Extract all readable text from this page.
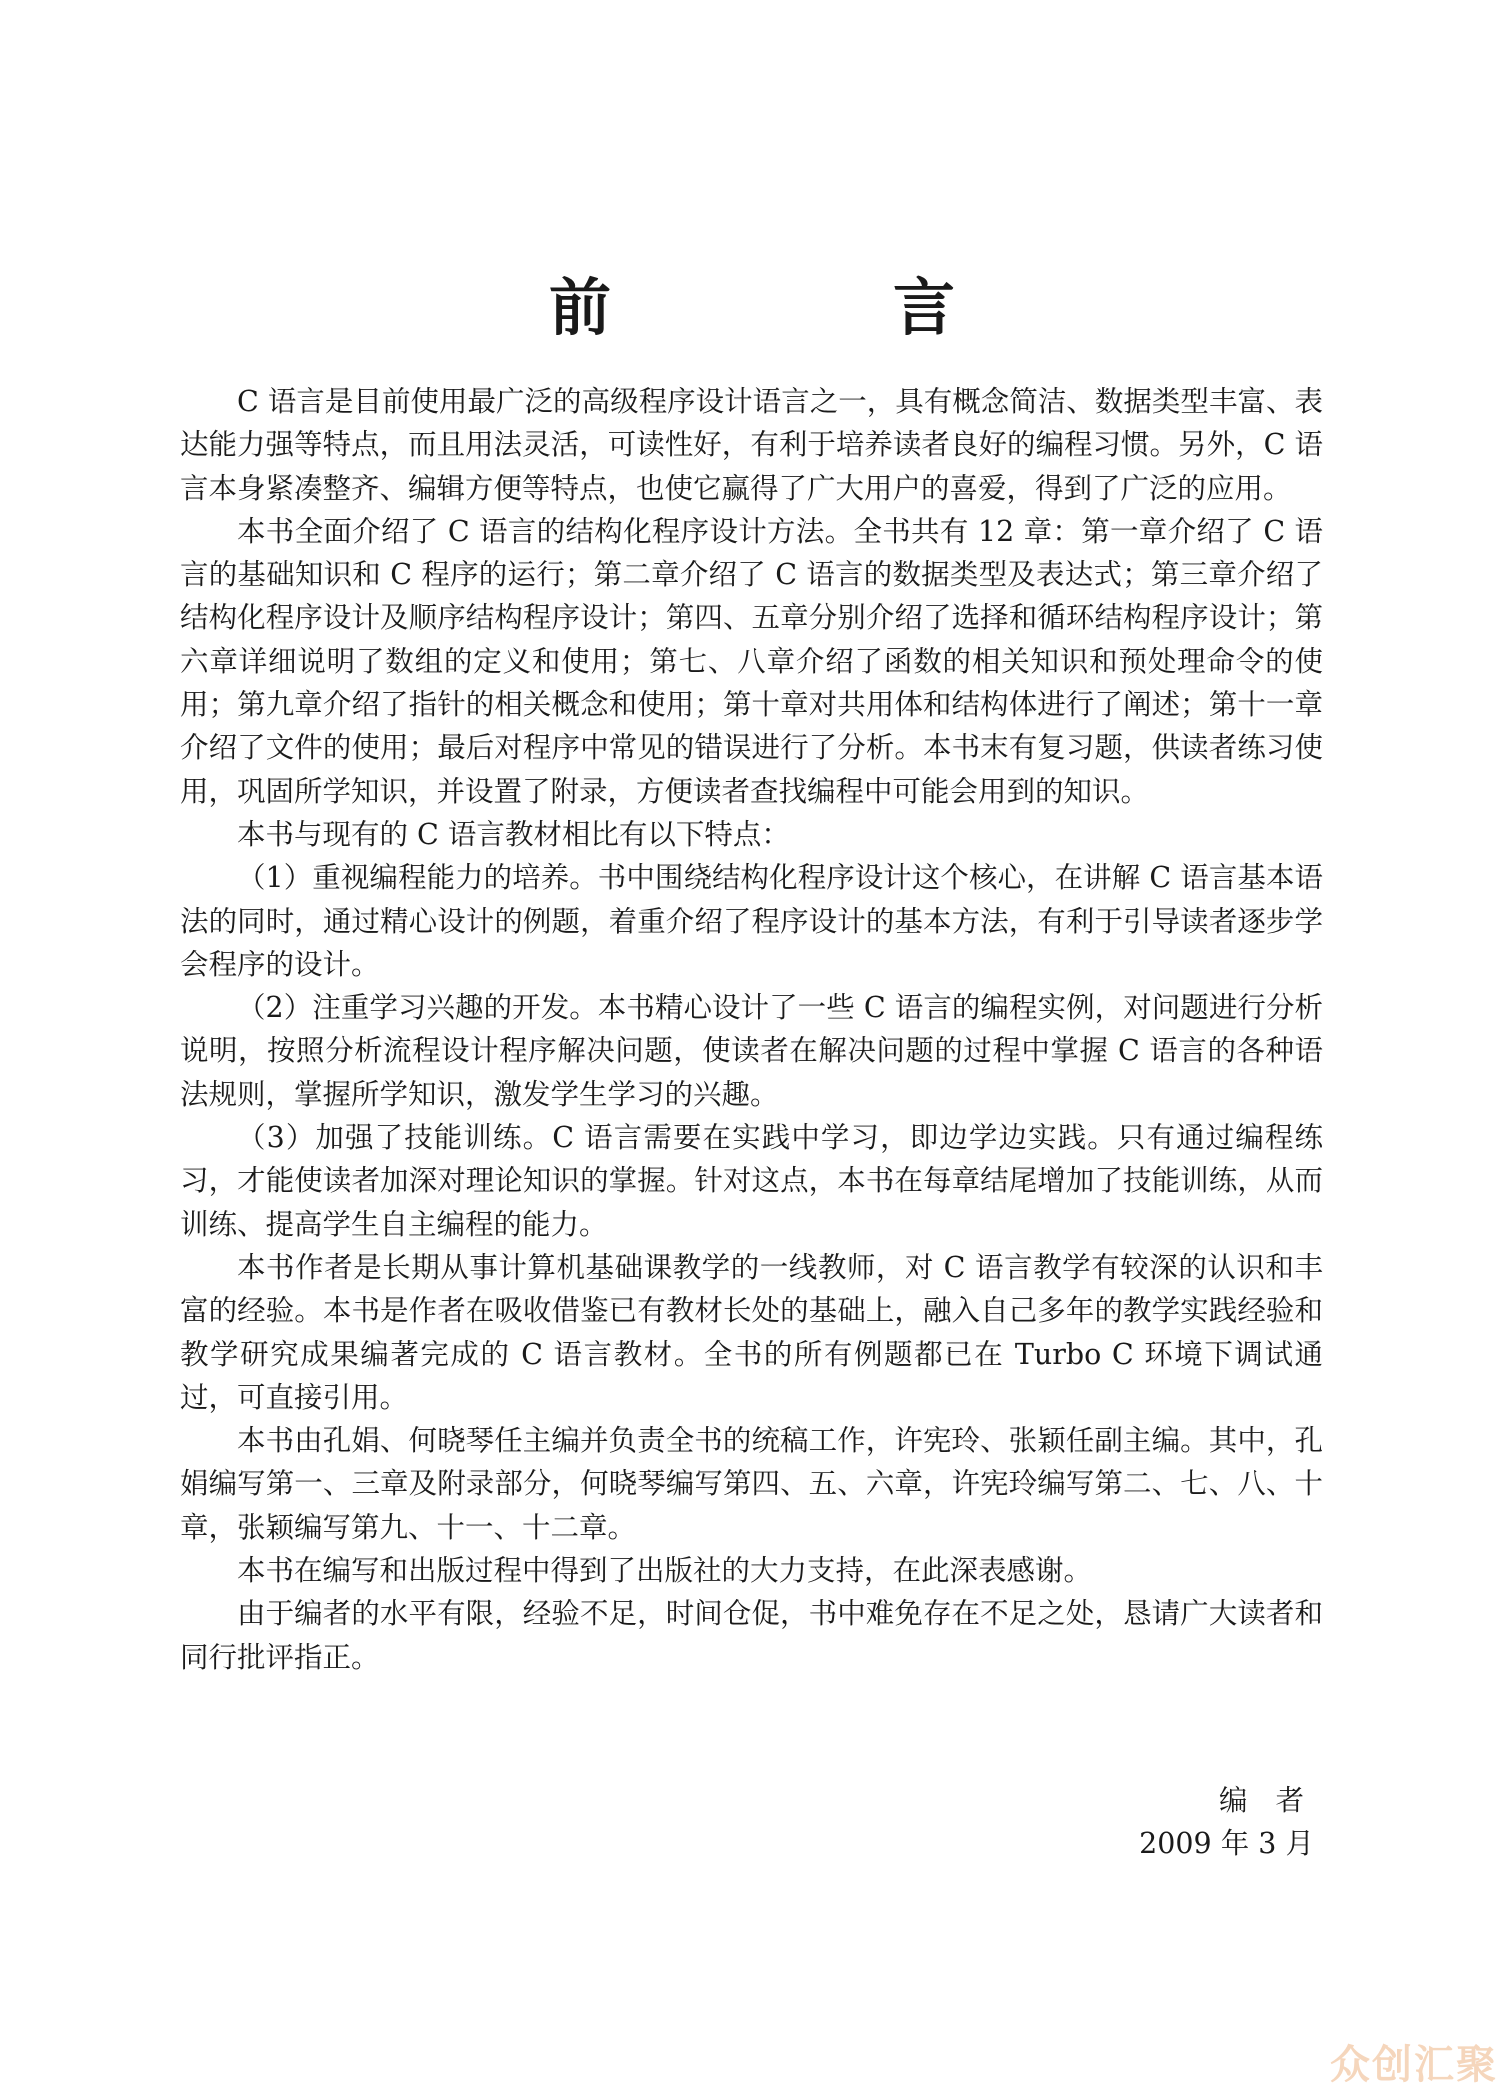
前　言

C 语言是目前使用最广泛的高级程序设计语言之一，具有概念简洁、数据类型丰富、表达能力强等特点，而且用法灵活，可读性好，有利于培养读者良好的编程习惯。另外，C 语言本身紧凑整齐、编辑方便等特点，也使它赢得了广大用户的喜爱，得到了广泛的应用。

本书全面介绍了 C 语言的结构化程序设计方法。全书共有 12 章：第一章介绍了 C 语言的基础知识和 C 程序的运行；第二章介绍了 C 语言的数据类型及表达式；第三章介绍了结构化程序设计及顺序结构程序设计；第四、五章分别介绍了选择和循环结构程序设计；第六章详细说明了数组的定义和使用；第七、八章介绍了函数的相关知识和预处理命令的使用；第九章介绍了指针的相关概念和使用；第十章对共用体和结构体进行了阐述；第十一章介绍了文件的使用；最后对程序中常见的错误进行了分析。本书末有复习题，供读者练习使用，巩固所学知识，并设置了附录，方便读者查找编程中可能会用到的知识。

本书与现有的 C 语言教材相比有以下特点：

（1）重视编程能力的培养。书中围绕结构化程序设计这个核心，在讲解 C 语言基本语法的同时，通过精心设计的例题，着重介绍了程序设计的基本方法，有利于引导读者逐步学会程序的设计。

（2）注重学习兴趣的开发。本书精心设计了一些 C 语言的编程实例，对问题进行分析说明，按照分析流程设计程序解决问题，使读者在解决问题的过程中掌握 C 语言的各种语法规则，掌握所学知识，激发学生学习的兴趣。

（3）加强了技能训练。C 语言需要在实践中学习，即边学边实践。只有通过编程练习，才能使读者加深对理论知识的掌握。针对这点，本书在每章结尾增加了技能训练，从而训练、提高学生自主编程的能力。

本书作者是长期从事计算机基础课教学的一线教师，对 C 语言教学有较深的认识和丰富的经验。本书是作者在吸收借鉴已有教材长处的基础上，融入自己多年的教学实践经验和教学研究成果编著完成的 C 语言教材。全书的所有例题都已在 Turbo C 环境下调试通过，可直接引用。

本书由孔娟、何晓琴任主编并负责全书的统稿工作，许宪玲、张颖任副主编。其中，孔娟编写第一、三章及附录部分，何晓琴编写第四、五、六章，许宪玲编写第二、七、八、十章，张颖编写第九、十一、十二章。

本书在编写和出版过程中得到了出版社的大力支持，在此深表感谢。

由于编者的水平有限，经验不足，时间仓促，书中难免存在不足之处，恳请广大读者和同行批评指正。

编者
2009 年 3 月
众创汇聚
